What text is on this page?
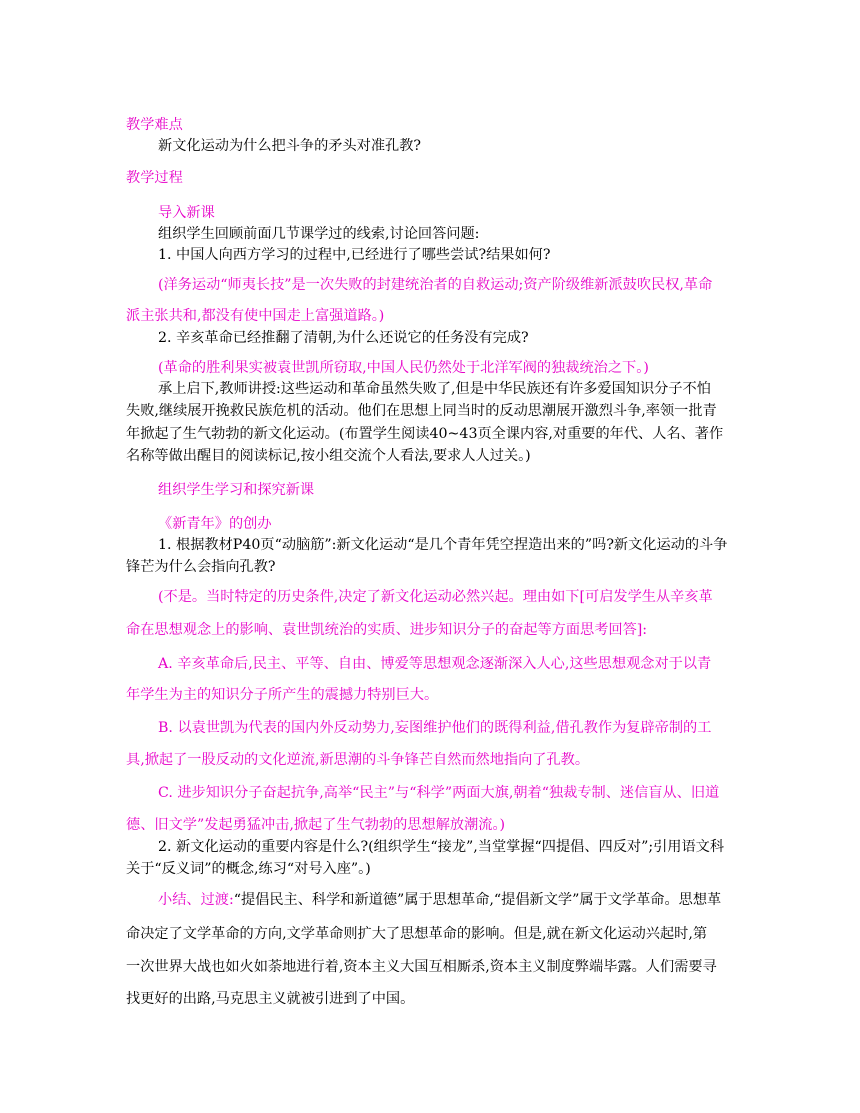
教学难点
新文化运动为什么把斗争的矛头对准孔教?
教学过程
导入新课
组织学生回顾前面几节课学过的线索,讨论回答问题:
1. 中国人向西方学习的过程中,已经进行了哪些尝试?结果如何?
(洋务运动“师夷长技”是一次失败的封建统治者的自救运动;资产阶级维新派鼓吹民权,革命
派主张共和,都没有使中国走上富强道路。)
2. 辛亥革命已经推翻了清朝,为什么还说它的任务没有完成?
(革命的胜利果实被袁世凯所窃取,中国人民仍然处于北洋军阀的独裁统治之下。)
承上启下,教师讲授:这些运动和革命虽然失败了,但是中华民族还有许多爱国知识分子不怕
失败,继续展开挽救民族危机的活动。他们在思想上同当时的反动思潮展开激烈斗争,率领一批青
年掀起了生气勃勃的新文化运动。(布置学生阅读40~43页全课内容,对重要的年代、人名、著作
名称等做出醒目的阅读标记,按小组交流个人看法,要求人人过关。)
组织学生学习和探究新课
《新青年》的创办
1. 根据教材P40页“动脑筋”:新文化运动“是几个青年凭空捏造出来的”吗?新文化运动的斗争
锋芒为什么会指向孔教?
(不是。当时特定的历史条件,决定了新文化运动必然兴起。理由如下[可启发学生从辛亥革
命在思想观念上的影响、袁世凯统治的实质、进步知识分子的奋起等方面思考回答]:
A. 辛亥革命后,民主、平等、自由、博爱等思想观念逐渐深入人心,这些思想观念对于以青
年学生为主的知识分子所产生的震撼力特别巨大。
B. 以袁世凯为代表的国内外反动势力,妄图维护他们的既得利益,借孔教作为复辟帝制的工
具,掀起了一股反动的文化逆流,新思潮的斗争锋芒自然而然地指向了孔教。
C. 进步知识分子奋起抗争,高举“民主”与“科学”两面大旗,朝着“独裁专制、迷信盲从、旧道
德、旧文学”发起勇猛冲击,掀起了生气勃勃的思想解放潮流。)
2. 新文化运动的重要内容是什么?(组织学生“接龙”,当堂掌握“四提倡、四反对”;引用语文科
关于“反义词”的概念,练习“对号入座”。)
小结、过渡:“提倡民主、科学和新道德”属于思想革命,“提倡新文学”属于文学革命。思想革
命决定了文学革命的方向,文学革命则扩大了思想革命的影响。但是,就在新文化运动兴起时,第
一次世界大战也如火如荼地进行着,资本主义大国互相厮杀,资本主义制度弊端毕露。人们需要寻
找更好的出路,马克思主义就被引进到了中国。
